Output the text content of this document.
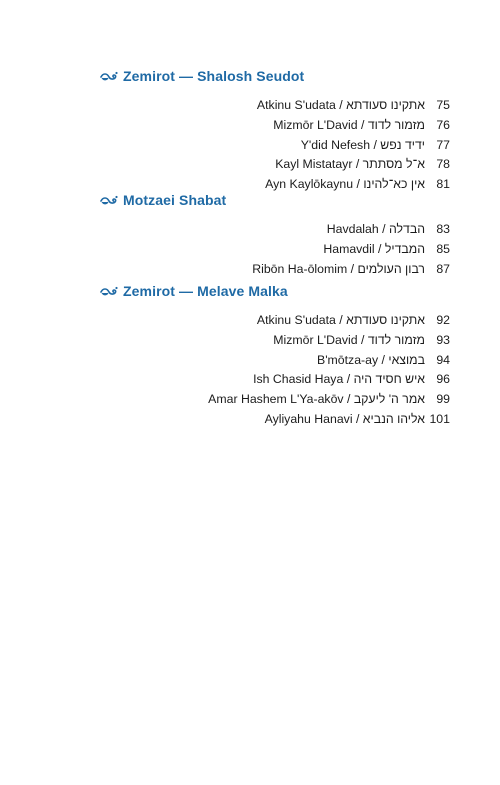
Zemirot — Shalosh Seudot
Atkinu S'udata / אתקינו סעודתא 75
Mizmōr L'David / מזמור לדוד 76
Y'did Nefesh / ידיד נפש 77
Kayl Mistatayr / א־ל מסתתר 78
Ayn Kaylōkaynu / אין כא־להינו 81
Motzaei Shabat
Havdalah / הבדלה 83
Hamavdil / המבדיל 85
Ribōn Ha-ōlomim / רבון העולמים 87
Zemirot — Melave Malka
Atkinu S'udata / אתקינו סעודתא 92
Mizmōr L'David / מזמור לדוד 93
B'mōtza-ay / במוצאי 94
Ish Chasid Haya / איש חסיד היה 96
Amar Hashem L'Ya-akōv / אמר ה' ליעקב 99
Ayliyahu Hanavi / אליהו הנביא 101
